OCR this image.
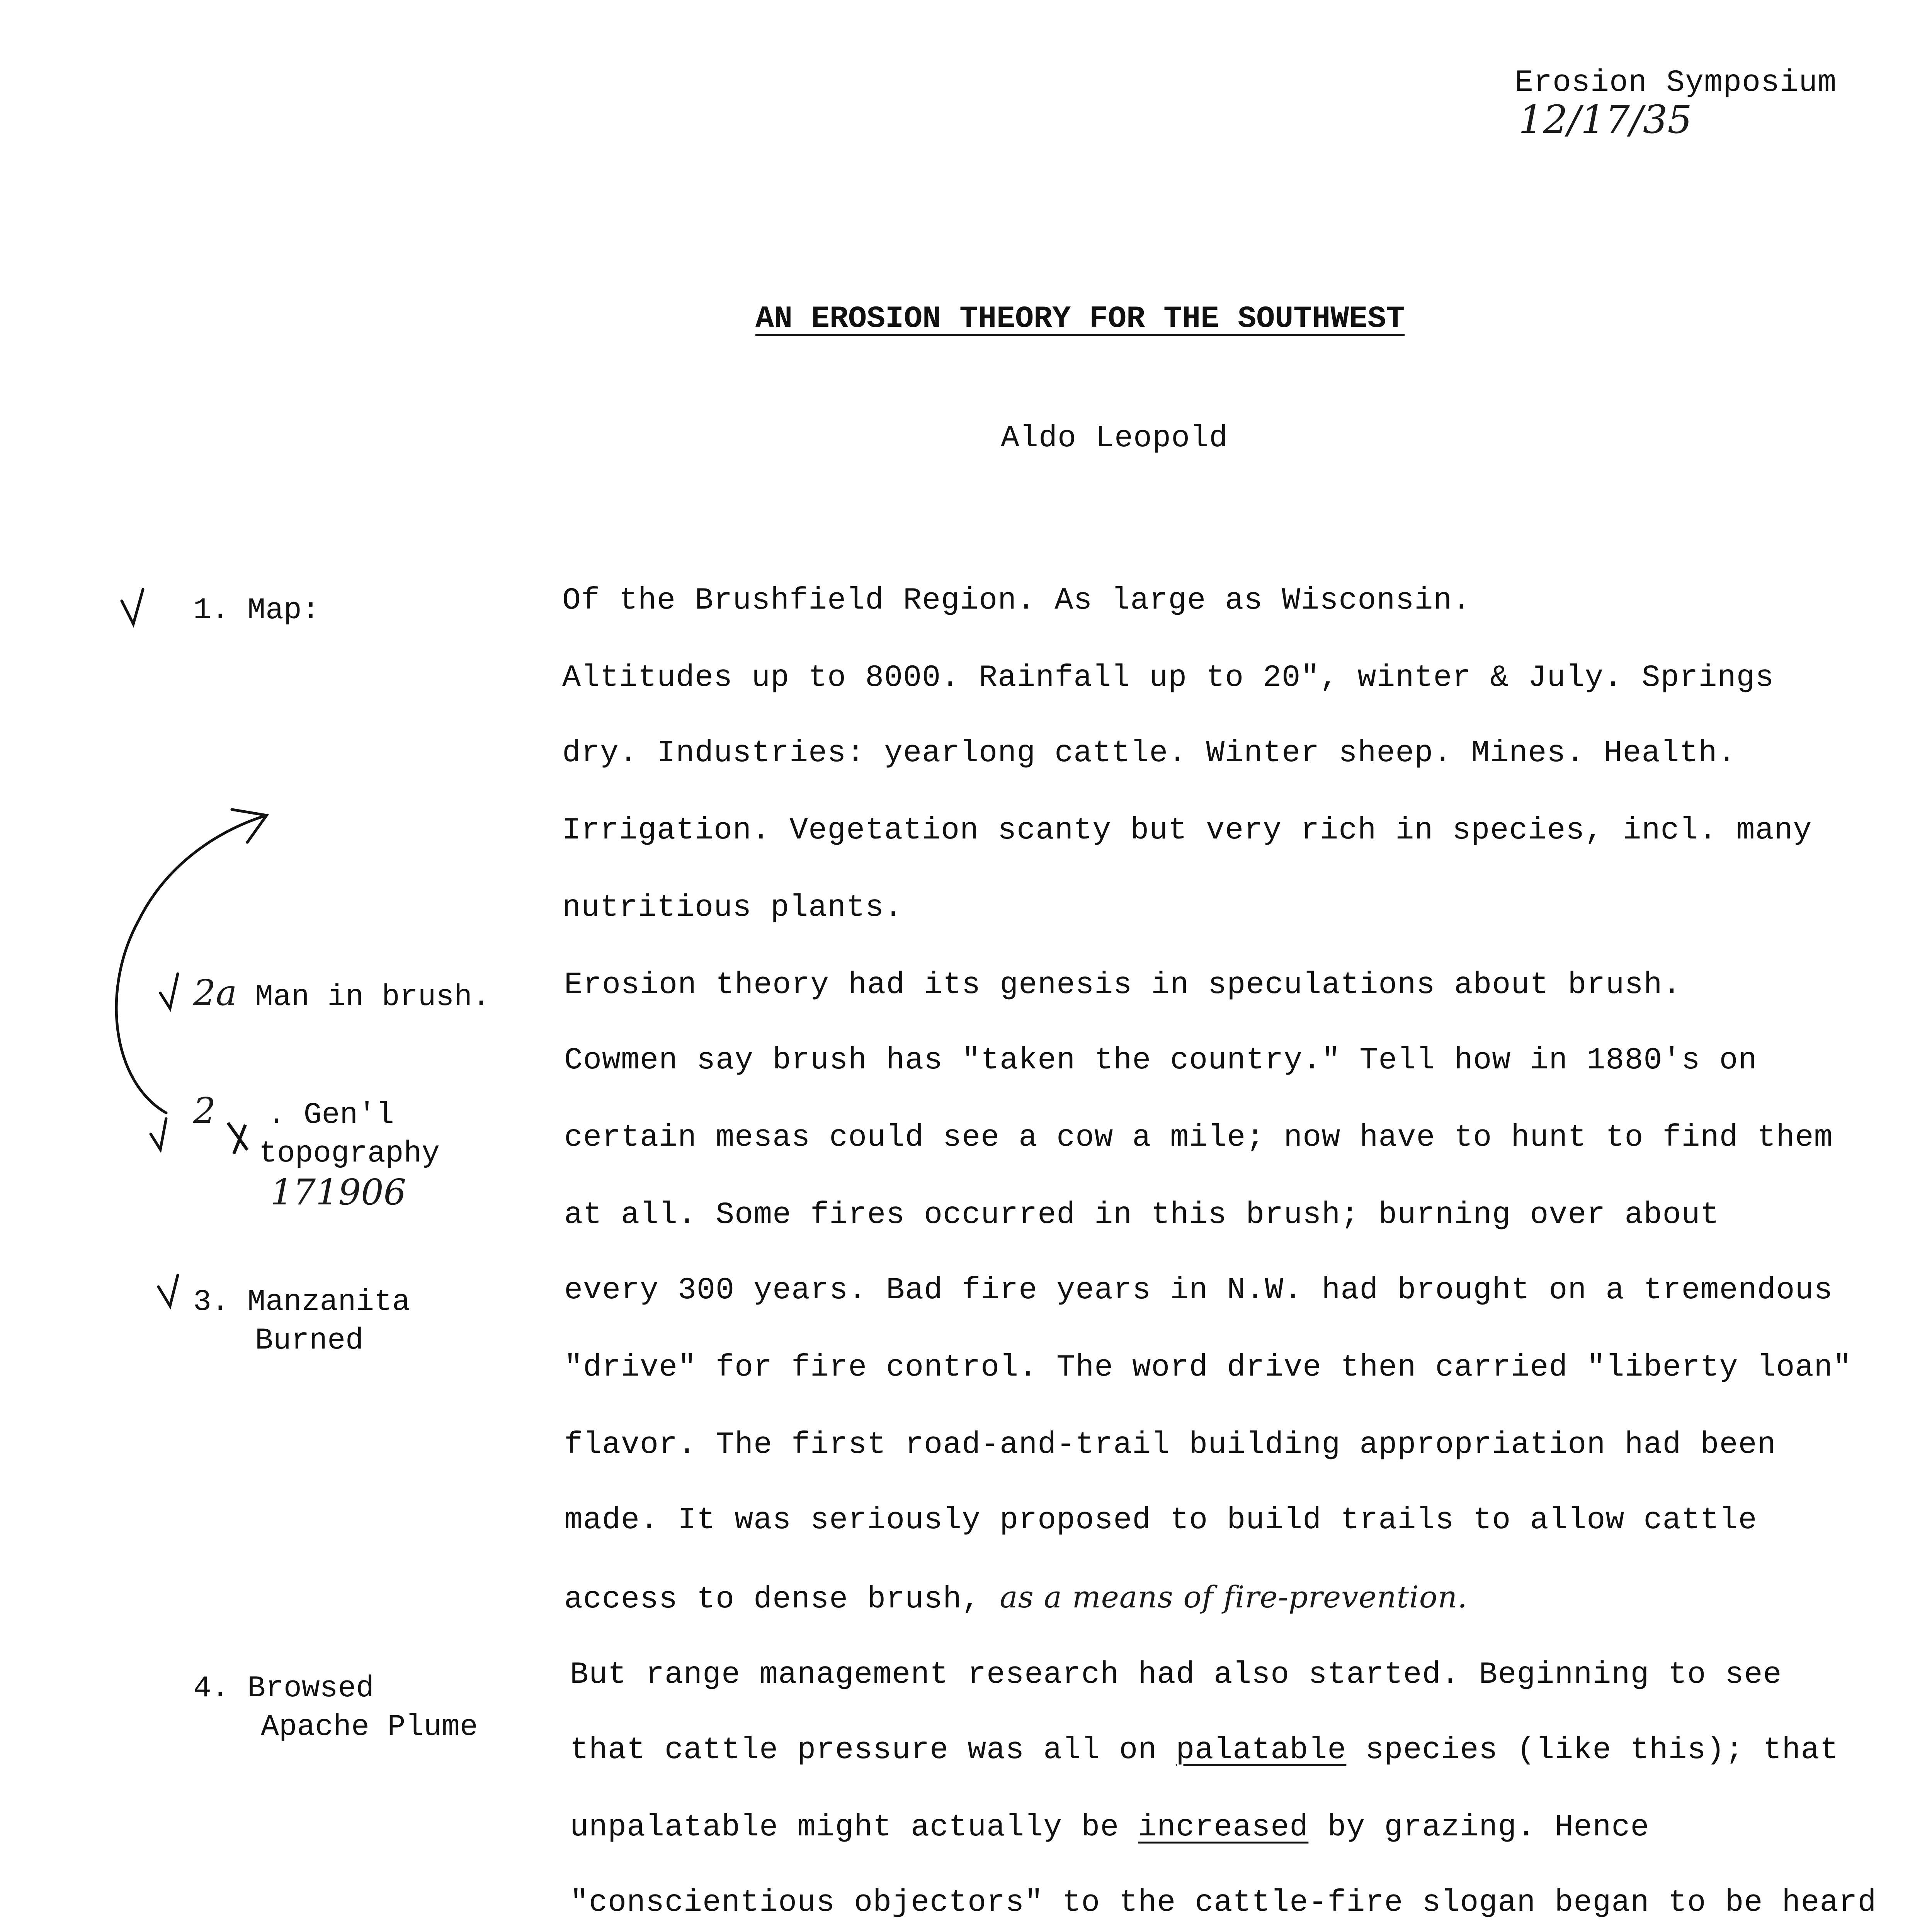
Erosion Symposium
12/17/35
AN EROSION THEORY FOR THE SOUTHWEST
Aldo Leopold
1. Map:
2a Man in brush.
2 . Gen'l
topography
171906
3. Manzanita
Burned
4. Browsed
Apache Plume
Of the Brushfield Region. As large as Wisconsin.
Altitudes up to 8000. Rainfall up to 20", winter & July. Springs
dry. Industries: yearlong cattle. Winter sheep. Mines. Health.
Irrigation. Vegetation scanty but very rich in species, incl. many
nutritious plants.
Erosion theory had its genesis in speculations about brush.
Cowmen say brush has "taken the country." Tell how in 1880's on
certain mesas could see a cow a mile; now have to hunt to find them
at all. Some fires occurred in this brush; burning over about
every 300 years. Bad fire years in N.W. had brought on a tremendous
"drive" for fire control. The word drive then carried "liberty loan"
flavor. The first road-and-trail building appropriation had been
made. It was seriously proposed to build trails to allow cattle
access to dense brush, as a means of fire-prevention.
But range management research had also started. Beginning to see
that cattle pressure was all on palatable species (like this); that
unpalatable might actually be increased by grazing. Hence
"conscientious objectors" to the cattle-fire slogan began to be heard
